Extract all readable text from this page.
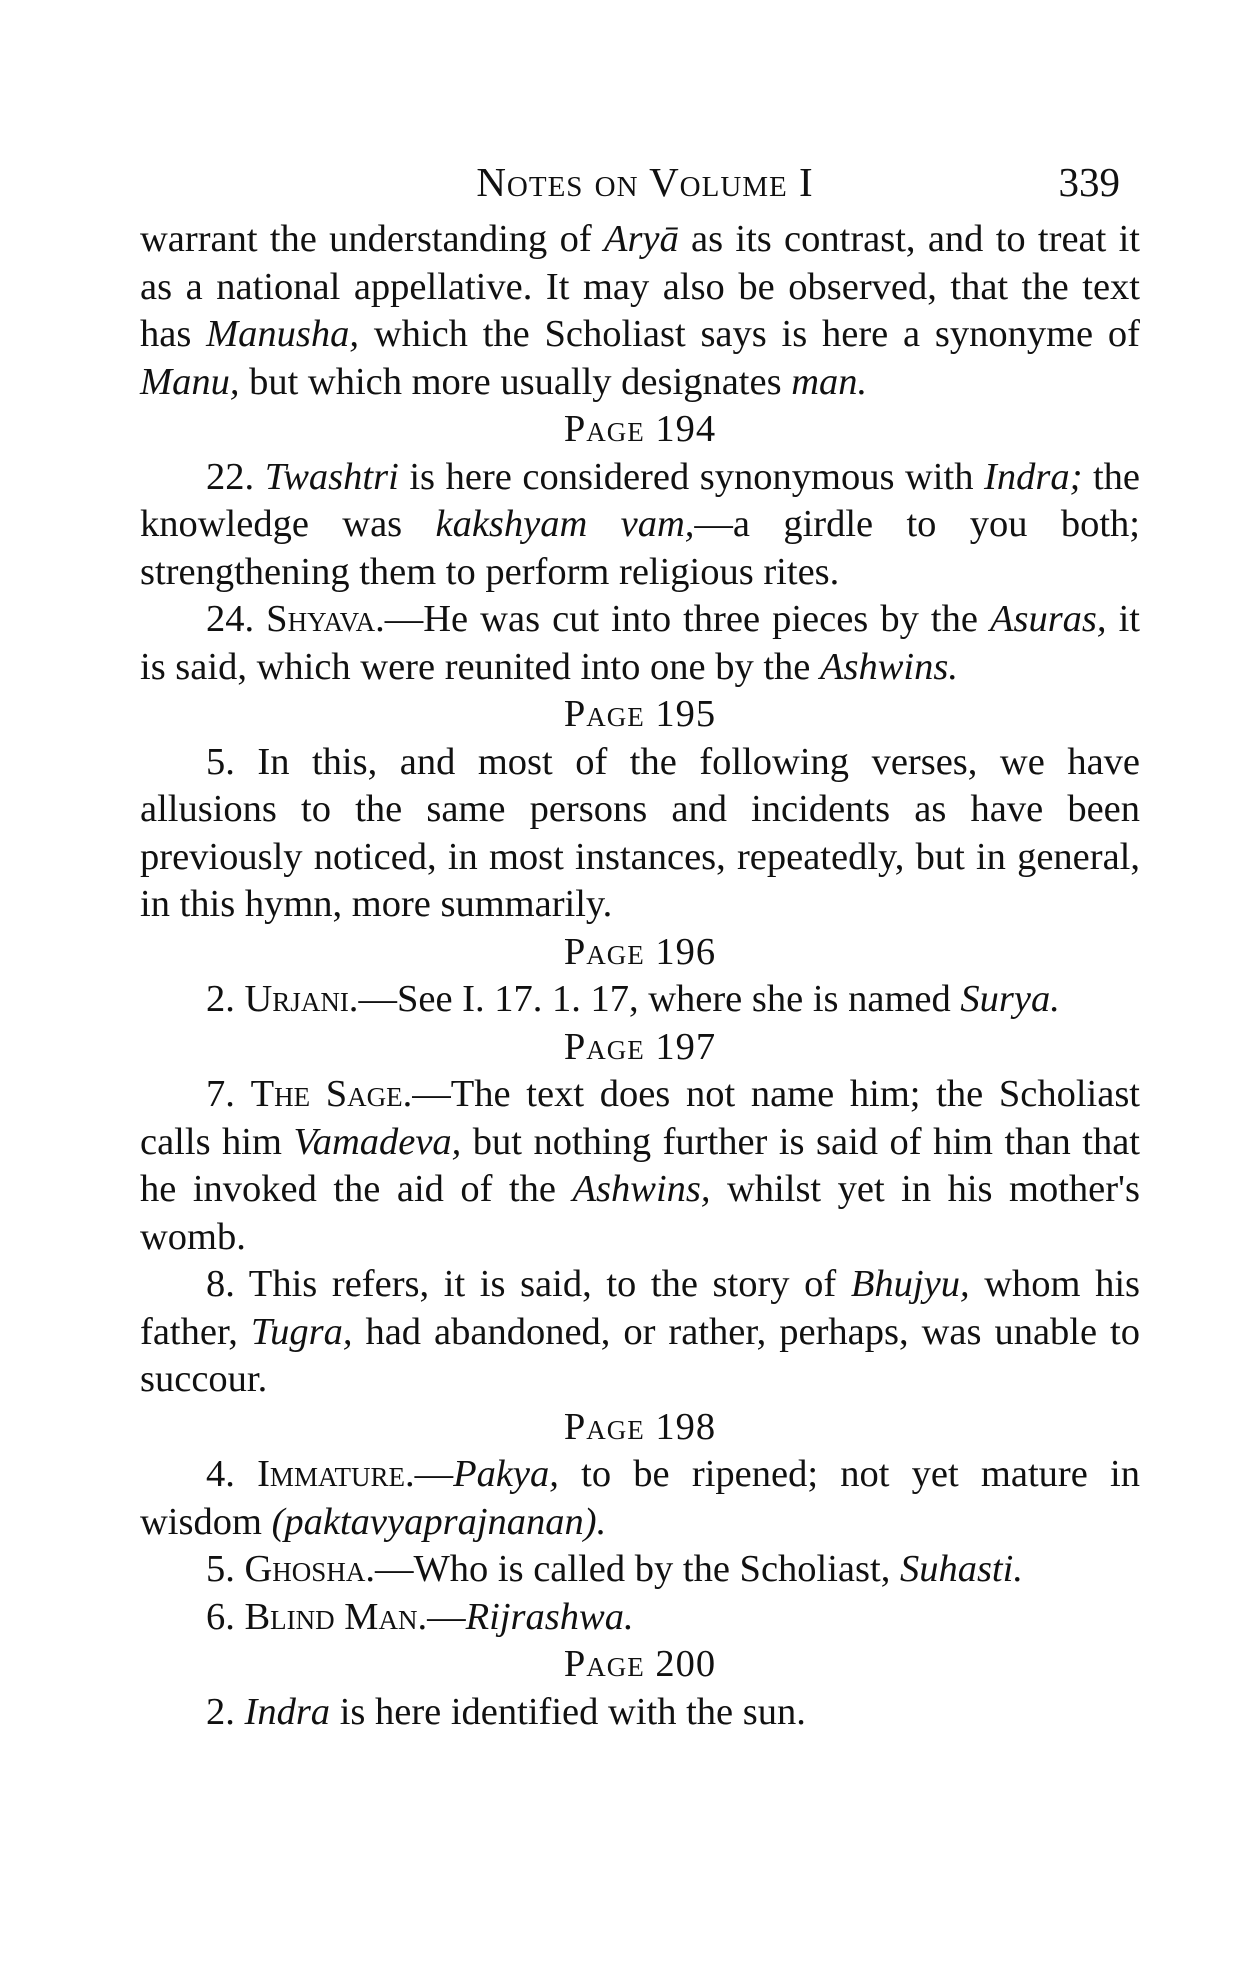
Notes on Volume I	339

warrant the understanding of Aryā as its contrast, and to treat it as a national appellative. It may also be observed, that the text has Manusha, which the Scholiast says is here a synonyme of Manu, but which more usually designates man.

Page 194

22. Twashtri is here considered synonymous with Indra; the knowledge was kakshyam vam,—a girdle to you both; strengthening them to perform religious rites.

24. Shyava.—He was cut into three pieces by the Asuras, it is said, which were reunited into one by the Ashwins.

Page 195

5. In this, and most of the following verses, we have allusions to the same persons and incidents as have been previously noticed, in most instances, repeatedly, but in general, in this hymn, more summarily.

Page 196

2. Urjani.—See I. 17. 1. 17, where she is named Surya.

Page 197

7. The Sage.—The text does not name him; the Scholiast calls him Vamadeva, but nothing further is said of him than that he invoked the aid of the Ashwins, whilst yet in his mother's womb.

8. This refers, it is said, to the story of Bhujyu, whom his father, Tugra, had abandoned, or rather, perhaps, was unable to succour.

Page 198

4. Immature.—Pakya, to be ripened; not yet mature in wisdom (paktavyaprajnanan).

5. Ghosha.—Who is called by the Scholiast, Suhasti.

6. Blind Man.—Rijrashwa.

Page 200

2. Indra is here identified with the sun.
